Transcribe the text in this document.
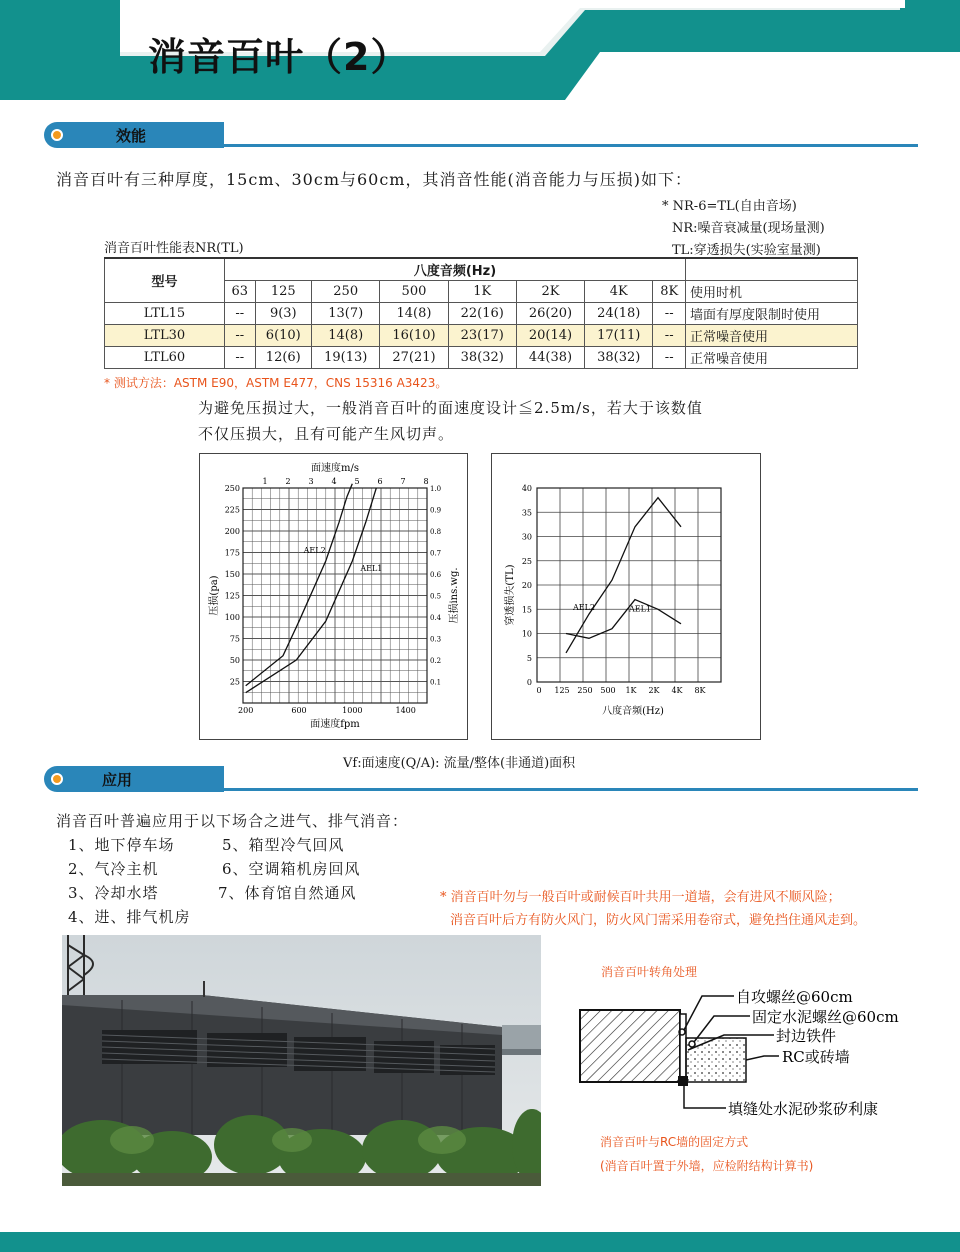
消音百叶（2）
效能
消音百叶有三种厚度，15cm、30cm与60cm，其消音性能(消音能力与压损)如下：
* NR-6=TL(自由音场)
NR:噪音衰减量(现场量测)
TL:穿透损失(实验室量测)
消音百叶性能表NR(TL)
型号	八度音频(Hz)								
	63	125	250	500	1K	2K	4K	8K	使用时机
LTL15	--	9(3)	13(7)	14(8)	22(16)	26(20)	24(18)	--	墙面有厚度限制时使用
LTL30	--	6(10)	14(8)	16(10)	23(17)	20(14)	17(11)	--	正常噪音使用
LTL60	--	12(6)	19(13)	27(21)	38(32)	44(38)	38(32)	--	正常噪音使用
* 测试方法：ASTM E90，ASTM E477，CNS 15316 A3423。
为避免压损过大，一般消音百叶的面速度设计≦2.5m/s，若大于该数值
不仅压损大，且有可能产生风切声。
250
225
200
175
150
125
100
75
50
25
1.0
0.9
0.8
0.7
0.6
0.5
0.4
0.3
0.2
0.1
200	600	1000	1400
1 2 3 4 5 6 7 8
面速度m/s
面速度fpm
压损(pa)	压损ins.wg.
AEL2
AEL1
40
35
30
25
20
15
10
5
0
0 125 250 500 1K 2K 4K 8K
八度音频(Hz)
穿透损失(TL)	AEL2	AEL1
Vf:面速度(Q/A): 流量/整体(非通道)面积
应用
消音百叶普遍应用于以下场合之进气、排气消音：
1、地下停车场
2、气冷主机
3、冷却水塔
4、进、排气机房
5、箱型冷气回风
6、空调箱机房回风
7、体育馆自然通风	* 消音百叶勿与一般百叶或耐候百叶共用一道墙，会有进风不顺风险；
消音百叶后方有防火风门，防火风门需采用卷帘式，避免挡住通风走到。
消音百叶转角处理
自攻螺丝@60cm
固定水泥螺丝@60cm
封边铁件
RC或砖墙
填缝处水泥砂浆矽利康
消音百叶与RC墙的固定方式
(消音百叶置于外墙，应检附结构计算书)
